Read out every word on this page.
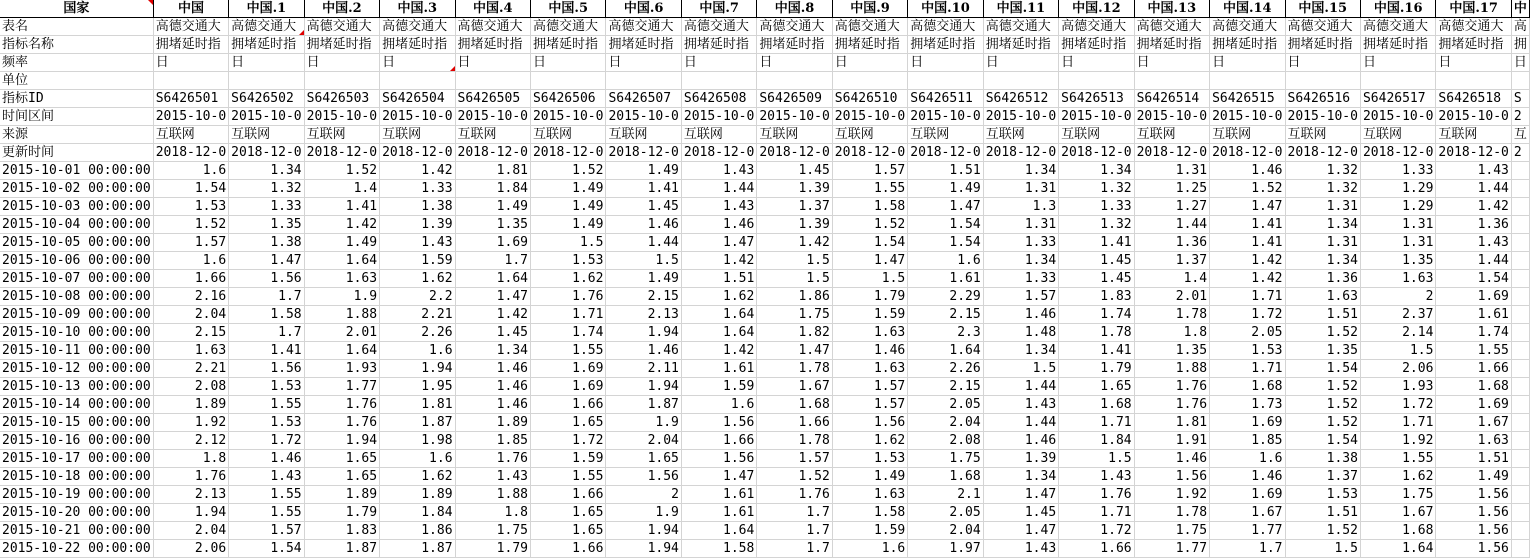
国家	中国	中国.1	中国.2	中国.3	中国.4	中国.5	中国.6	中国.7	中国.8	中国.9	中国.10	中国.11	中国.12	中国.13	中国.14	中国.15	中国.16	中国.17	中
表名	高德交通大	高德交通大	高德交通大	高德交通大	高德交通大	高德交通大	高德交通大	高德交通大	高德交通大	高德交通大	高德交通大	高德交通大	高德交通大	高德交通大	高德交通大	高德交通大	高德交通大	高德交通大	高
指标名称	拥堵延时指	拥堵延时指	拥堵延时指	拥堵延时指	拥堵延时指	拥堵延时指	拥堵延时指	拥堵延时指	拥堵延时指	拥堵延时指	拥堵延时指	拥堵延时指	拥堵延时指	拥堵延时指	拥堵延时指	拥堵延时指	拥堵延时指	拥堵延时指	拥
频率	日	日	日	日	日	日	日	日	日	日	日	日	日	日	日	日	日	日	日
单位																			
指标ID	S6426501	S6426502	S6426503	S6426504	S6426505	S6426506	S6426507	S6426508	S6426509	S6426510	S6426511	S6426512	S6426513	S6426514	S6426515	S6426516	S6426517	S6426518	S
时间区间	2015-10-0	2015-10-0	2015-10-0	2015-10-0	2015-10-0	2015-10-0	2015-10-0	2015-10-0	2015-10-0	2015-10-0	2015-10-0	2015-10-0	2015-10-0	2015-10-0	2015-10-0	2015-10-0	2015-10-0	2015-10-0	2
来源	互联网	互联网	互联网	互联网	互联网	互联网	互联网	互联网	互联网	互联网	互联网	互联网	互联网	互联网	互联网	互联网	互联网	互联网	互
更新时间	2018-12-0	2018-12-0	2018-12-0	2018-12-0	2018-12-0	2018-12-0	2018-12-0	2018-12-0	2018-12-0	2018-12-0	2018-12-0	2018-12-0	2018-12-0	2018-12-0	2018-12-0	2018-12-0	2018-12-0	2018-12-0	2
2015-10-01 00:00:00	1.6	1.34	1.52	1.42	1.81	1.52	1.49	1.43	1.45	1.57	1.51	1.34	1.34	1.31	1.46	1.32	1.33	1.43	
2015-10-02 00:00:00	1.54	1.32	1.4	1.33	1.84	1.49	1.41	1.44	1.39	1.55	1.49	1.31	1.32	1.25	1.52	1.32	1.29	1.44	
2015-10-03 00:00:00	1.53	1.33	1.41	1.38	1.49	1.49	1.45	1.43	1.37	1.58	1.47	1.3	1.33	1.27	1.47	1.31	1.29	1.42	
2015-10-04 00:00:00	1.52	1.35	1.42	1.39	1.35	1.49	1.46	1.46	1.39	1.52	1.54	1.31	1.32	1.44	1.41	1.34	1.31	1.36	
2015-10-05 00:00:00	1.57	1.38	1.49	1.43	1.69	1.5	1.44	1.47	1.42	1.54	1.54	1.33	1.41	1.36	1.41	1.31	1.31	1.43	
2015-10-06 00:00:00	1.6	1.47	1.64	1.59	1.7	1.53	1.5	1.42	1.5	1.47	1.6	1.34	1.45	1.37	1.42	1.34	1.35	1.44	
2015-10-07 00:00:00	1.66	1.56	1.63	1.62	1.64	1.62	1.49	1.51	1.5	1.5	1.61	1.33	1.45	1.4	1.42	1.36	1.63	1.54	
2015-10-08 00:00:00	2.16	1.7	1.9	2.2	1.47	1.76	2.15	1.62	1.86	1.79	2.29	1.57	1.83	2.01	1.71	1.63	2	1.69	
2015-10-09 00:00:00	2.04	1.58	1.88	2.21	1.42	1.71	2.13	1.64	1.75	1.59	2.15	1.46	1.74	1.78	1.72	1.51	2.37	1.61	
2015-10-10 00:00:00	2.15	1.7	2.01	2.26	1.45	1.74	1.94	1.64	1.82	1.63	2.3	1.48	1.78	1.8	2.05	1.52	2.14	1.74	
2015-10-11 00:00:00	1.63	1.41	1.64	1.6	1.34	1.55	1.46	1.42	1.47	1.46	1.64	1.34	1.41	1.35	1.53	1.35	1.5	1.55	
2015-10-12 00:00:00	2.21	1.56	1.93	1.94	1.46	1.69	2.11	1.61	1.78	1.63	2.26	1.5	1.79	1.88	1.71	1.54	2.06	1.66	
2015-10-13 00:00:00	2.08	1.53	1.77	1.95	1.46	1.69	1.94	1.59	1.67	1.57	2.15	1.44	1.65	1.76	1.68	1.52	1.93	1.68	
2015-10-14 00:00:00	1.89	1.55	1.76	1.81	1.46	1.66	1.87	1.6	1.68	1.57	2.05	1.43	1.68	1.76	1.73	1.52	1.72	1.69	
2015-10-15 00:00:00	1.92	1.53	1.76	1.87	1.89	1.65	1.9	1.56	1.66	1.56	2.04	1.44	1.71	1.81	1.69	1.52	1.71	1.67	
2015-10-16 00:00:00	2.12	1.72	1.94	1.98	1.85	1.72	2.04	1.66	1.78	1.62	2.08	1.46	1.84	1.91	1.85	1.54	1.92	1.63	
2015-10-17 00:00:00	1.8	1.46	1.65	1.6	1.76	1.59	1.65	1.56	1.57	1.53	1.75	1.39	1.5	1.46	1.6	1.38	1.55	1.51	
2015-10-18 00:00:00	1.76	1.43	1.65	1.62	1.43	1.55	1.56	1.47	1.52	1.49	1.68	1.34	1.43	1.56	1.46	1.37	1.62	1.49	
2015-10-19 00:00:00	2.13	1.55	1.89	1.89	1.88	1.66	2	1.61	1.76	1.63	2.1	1.47	1.76	1.92	1.69	1.53	1.75	1.56	
2015-10-20 00:00:00	1.94	1.55	1.79	1.84	1.8	1.65	1.9	1.61	1.7	1.58	2.05	1.45	1.71	1.78	1.67	1.51	1.67	1.56	
2015-10-21 00:00:00	2.04	1.57	1.83	1.86	1.75	1.65	1.94	1.64	1.7	1.59	2.04	1.47	1.72	1.75	1.77	1.52	1.68	1.56	
2015-10-22 00:00:00	2.06	1.54	1.87	1.87	1.79	1.66	1.94	1.58	1.7	1.6	1.97	1.43	1.66	1.77	1.7	1.5	1.64	1.56	
